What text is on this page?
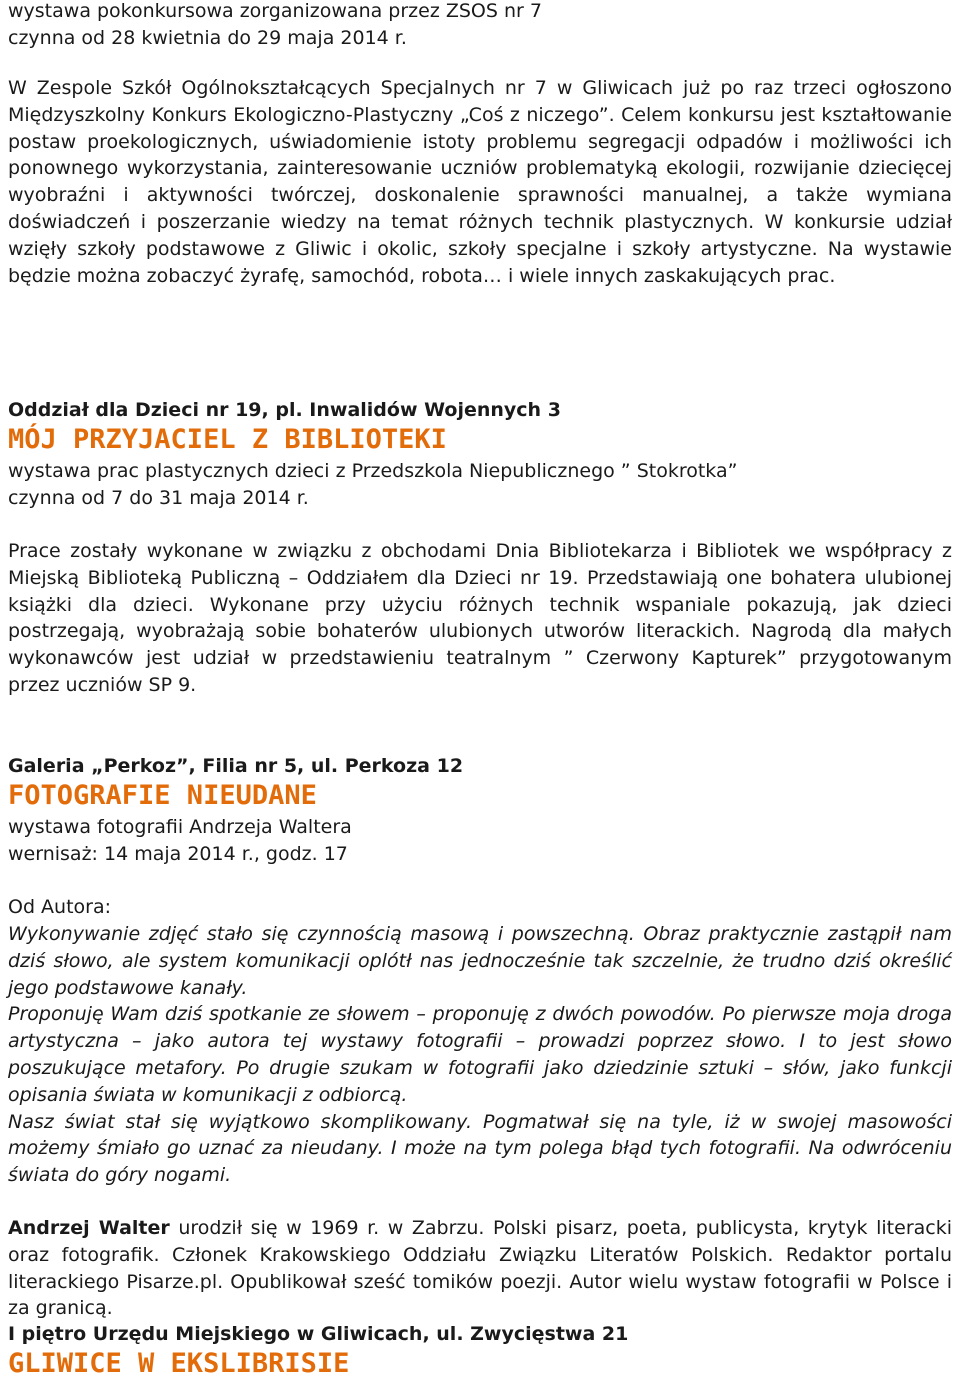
wystawa pokonkursowa zorganizowana przez ZSOS nr 7
czynna od 28 kwietnia do 29 maja 2014 r.

W Zespole Szkół Ogólnokształcących Specjalnych nr 7 w Gliwicach już po raz trzeci ogłoszono Międzyszkolny Konkurs Ekologiczno-Plastyczny „Coś z niczego”. Celem konkursu jest kształtowanie postaw proekologicznych, uświadomienie istoty problemu segregacji odpadów i możliwości ich ponownego wykorzystania, zainteresowanie uczniów problematyką ekologii, rozwijanie dziecięcej wyobraźni i aktywności twórczej, doskonalenie sprawności manualnej, a także wymiana doświadczeń i poszerzanie wiedzy na temat różnych technik plastycznych. W konkursie udział wzięły szkoły podstawowe z Gliwic i okolic, szkoły specjalne i szkoły artystyczne. Na wystawie będzie można zobaczyć żyrafę, samochód, robota… i wiele innych zaskakujących prac.

Oddział dla Dzieci nr 19, pl. Inwalidów Wojennych 3

MÓJ PRZYJACIEL Z BIBLIOTEKI
wystawa prac plastycznych dzieci z Przedszkola Niepublicznego ” Stokrotka”
czynna od 7 do 31 maja 2014 r.

Prace zostały wykonane w związku z obchodami Dnia Bibliotekarza i Bibliotek we współpracy z Miejską Biblioteką Publiczną – Oddziałem dla Dzieci nr 19. Przedstawiają one bohatera ulubionej książki dla dzieci. Wykonane przy użyciu różnych technik wspaniale pokazują, jak dzieci postrzegają, wyobrażają sobie bohaterów ulubionych utworów literackich. Nagrodą dla małych wykonawców jest udział w przedstawieniu teatralnym ” Czerwony Kapturek” przygotowanym przez uczniów SP 9.

Galeria „Perkoz”, Filia nr 5, ul. Perkoza 12

FOTOGRAFIE NIEUDANE
wystawa fotografii Andrzeja Waltera
wernisaż: 14 maja 2014 r., godz. 17
Od Autora:

Wykonywanie zdjęć stało się czynnością masową i powszechną. Obraz praktycznie zastąpił nam dziś słowo, ale system komunikacji oplótł nas jednocześnie tak szczelnie, że trudno dziś określić jego podstawowe kanały.

Proponuję Wam dziś spotkanie ze słowem – proponuję z dwóch powodów. Po pierwsze moja droga artystyczna – jako autora tej wystawy fotografii – prowadzi poprzez słowo. I to jest słowo poszukujące metafory. Po drugie szukam w fotografii jako dziedzinie sztuki – słów, jako funkcji opisania świata w komunikacji z odbiorcą.

Nasz świat stał się wyjątkowo skomplikowany. Pogmatwał się na tyle, iż w swojej masowości możemy śmiało go uznać za nieudany. I może na tym polega błąd tych fotografii. Na odwróceniu świata do góry nogami.

Andrzej Walter urodził się w 1969 r. w Zabrzu. Polski pisarz, poeta, publicysta, krytyk literacki oraz fotografik. Członek Krakowskiego Oddziału Związku Literatów Polskich. Redaktor portalu literackiego Pisarze.pl. Opublikował sześć tomików poezji. Autor wielu wystaw fotografii w Polsce i za granicą.

I piętro Urzędu Miejskiego w Gliwicach, ul. Zwycięstwa 21

GLIWICE W EKSLIBRISIE
